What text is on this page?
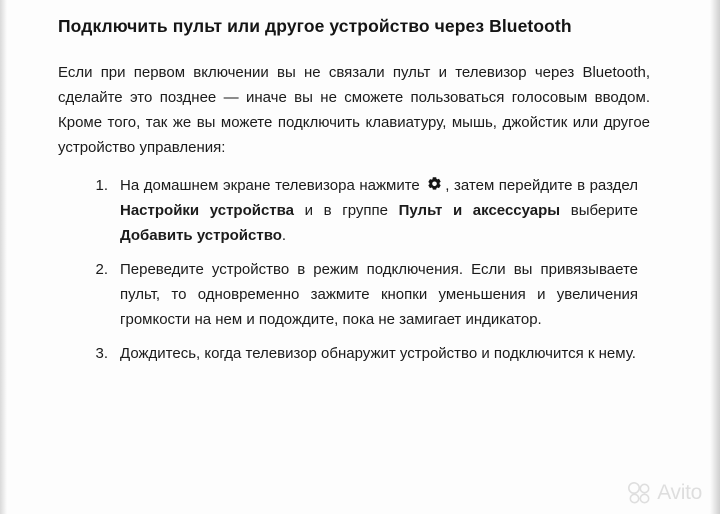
Подключить пульт или другое устройство через Bluetooth

Если при первом включении вы не связали пульт и телевизор через Bluetooth, сделайте это позднее — иначе вы не сможете пользоваться голосовым вводом. Кроме того, так же вы можете подключить клавиатуру, мышь, джойстик или другое устройство управления:

1. На домашнем экране телевизора нажмите
, затем перейдите в раздел Настройки устройства и в группе Пульт и аксессуары выберите Добавить устройство.
2. Переведите устройство в режим подключения. Если вы привязываете пульт, то одновременно зажмите кнопки уменьшения и увеличения громкости на нем и подождите, пока не замигает индикатор.
3. Дождитесь, когда телевизор обнаружит устройство и подключится к нему.
Avito
